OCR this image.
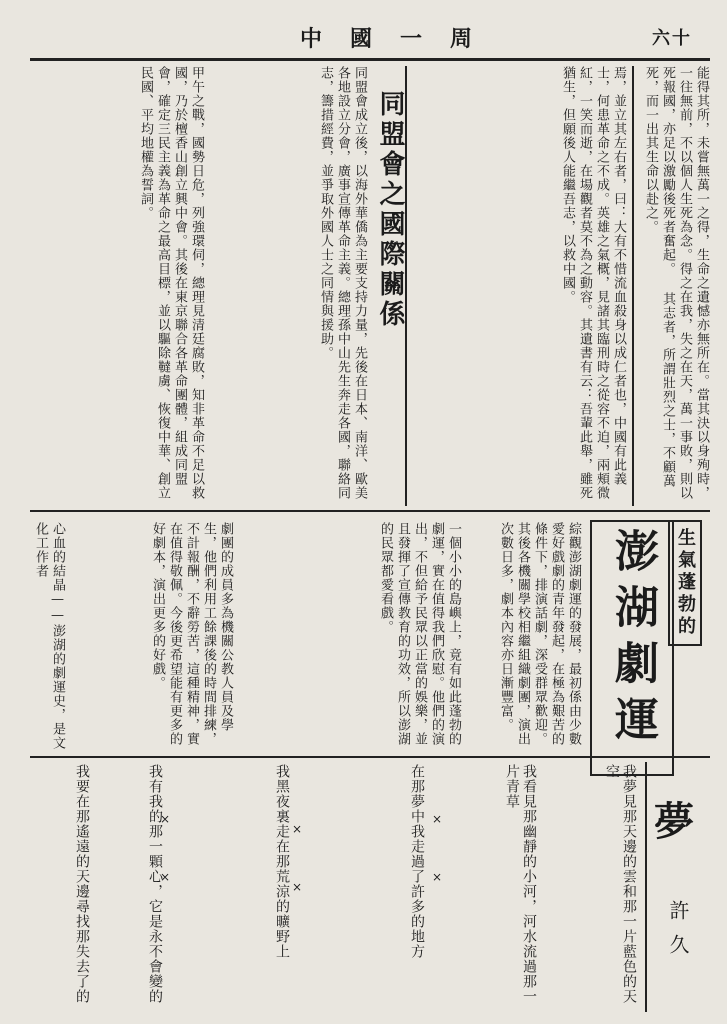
中國一周	六十
能得其所，未嘗無萬一之得，生命之遺憾亦無所在。當其決以身殉時，一往無前，不以個人生死為念。得之在我，失之在天，萬一事敗，則以死報國，亦足以激勵後死者奮起。 其志者，所謂壯烈之士，不顧萬死，而一出其生命以赴之。
焉，並立其左右者，曰：大有不惜流血殺身以成仁者也，中國有此義士，何患革命之不成。英雄之氣概，見諸其臨刑時之從容不迫，兩頰微紅，一笑而逝，在場觀者莫不為之動容。其遺書有云：吾輩此舉，雖死猶生，但願後人能繼吾志，以救中國。
同盟會之國際關係
同盟會成立後，以海外華僑為主要支持力量，先後在日本、南洋、歐美各地設立分會，廣事宣傳革命主義。總理孫中山先生奔走各國，聯絡同志，籌措經費，並爭取外國人士之同情與援助。
甲午之戰，國勢日危，列強環伺，總理見清廷腐敗，知非革命不足以救國，乃於檀香山創立興中會。其後在東京聯合各革命團體，組成同盟會，確定三民主義為革命之最高目標，並以驅除韃虜、恢復中華、創立民國、平均地權為誓詞。
生氣蓬勃的
澎湖劇運
綜觀澎湖劇運的發展，最初係由少數愛好戲劇的青年發起，在極為艱苦的條件下，排演話劇，深受群眾歡迎。其後各機關學校相繼組織劇團，演出次數日多，劇本內容亦日漸豐富。
一個小小的島嶼上，竟有如此蓬勃的劇運，實在值得我們欣慰。他們的演出，不但給予民眾以正當的娛樂，並且發揮了宣傳教育的功效，所以澎湖的民眾都愛看戲。
劇團的成員多為機關公教人員及學生，他們利用工餘課後的時間排練，不計報酬，不辭勞苦，這種精神，實在值得敬佩。今後更希望能有更多的好劇本，演出更多的好戲。
心血的結晶——澎湖的劇運史，是文化工作者
夢
許久
我夢見那天邊的雲和那一片藍色的天空
我看見那幽靜的小河，河水流過那一片青草
在那夢中我走過了許多的地方
我黑夜裏走在那荒涼的曠野上
我有我的那一顆心，它是永不會變的
我要在那遙遠的天邊尋找那失去了的	×
×
×
×
×
×
